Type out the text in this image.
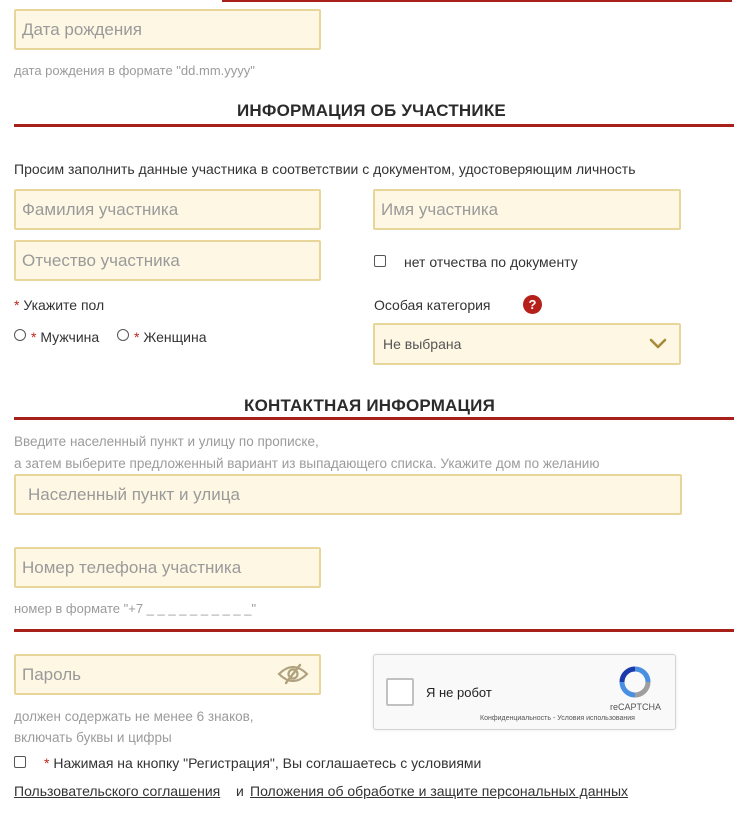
Дата рождения
дата рождения в формате "dd.mm.yyyy"
ИНФОРМАЦИЯ ОБ УЧАСТНИКЕ
Просим заполнить данные участника в соответствии с документом, удостоверяющим личность
Фамилия участника
Имя участника
Отчество участника
нет отчества по документу
* Укажите пол
* Мужчина * Женщина
Особая категория	?
Не выбрана
КОНТАКТНАЯ ИНФОРМАЦИЯ
Введите населенный пункт и улицу по прописке,
а затем выберите предложенный вариант из выпадающего списка. Укажите дом по желанию
Населенный пункт и улица
Номер телефона участника
номер в формате "+7 _ _ _ _ _ _ _ _ _ _"
должен содержать не менее 6 знаков,
включать буквы и цифры
Я не робот
reCAPTCHA
Конфиденциальность - Условия использования
* Нажимая на кнопку "Регистрация", Вы соглашаетесь с условиями
Пользовательского соглашения и Положения об обработке и защите персональных данных
